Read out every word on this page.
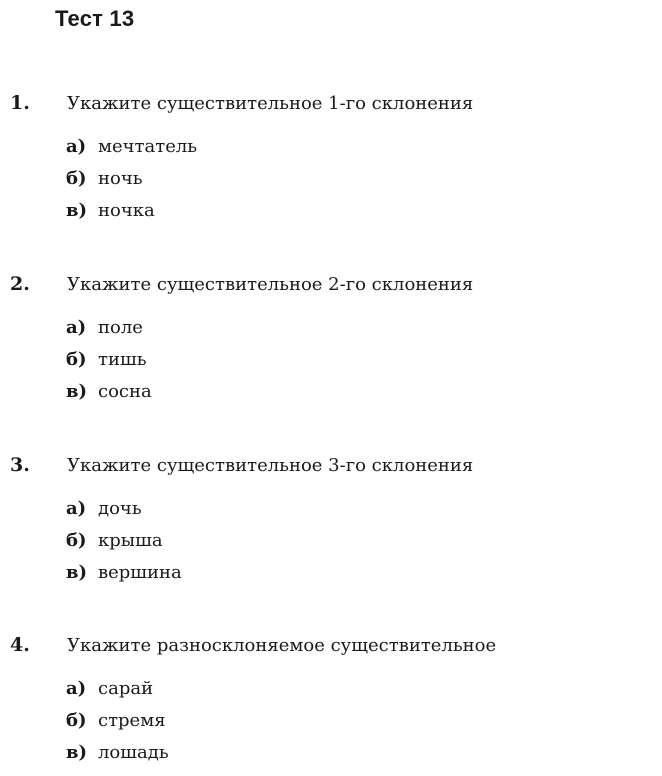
Тест 13
1. Укажите существительное 1-го склонения
а) мечтатель
б) ночь
в) ночка
2. Укажите существительное 2-го склонения
а) поле
б) тишь
в) сосна
3. Укажите существительное 3-го склонения
а) дочь
б) крыша
в) вершина
4. Укажите разносклоняемое существительное
а) сарай
б) стремя
в) лошадь
